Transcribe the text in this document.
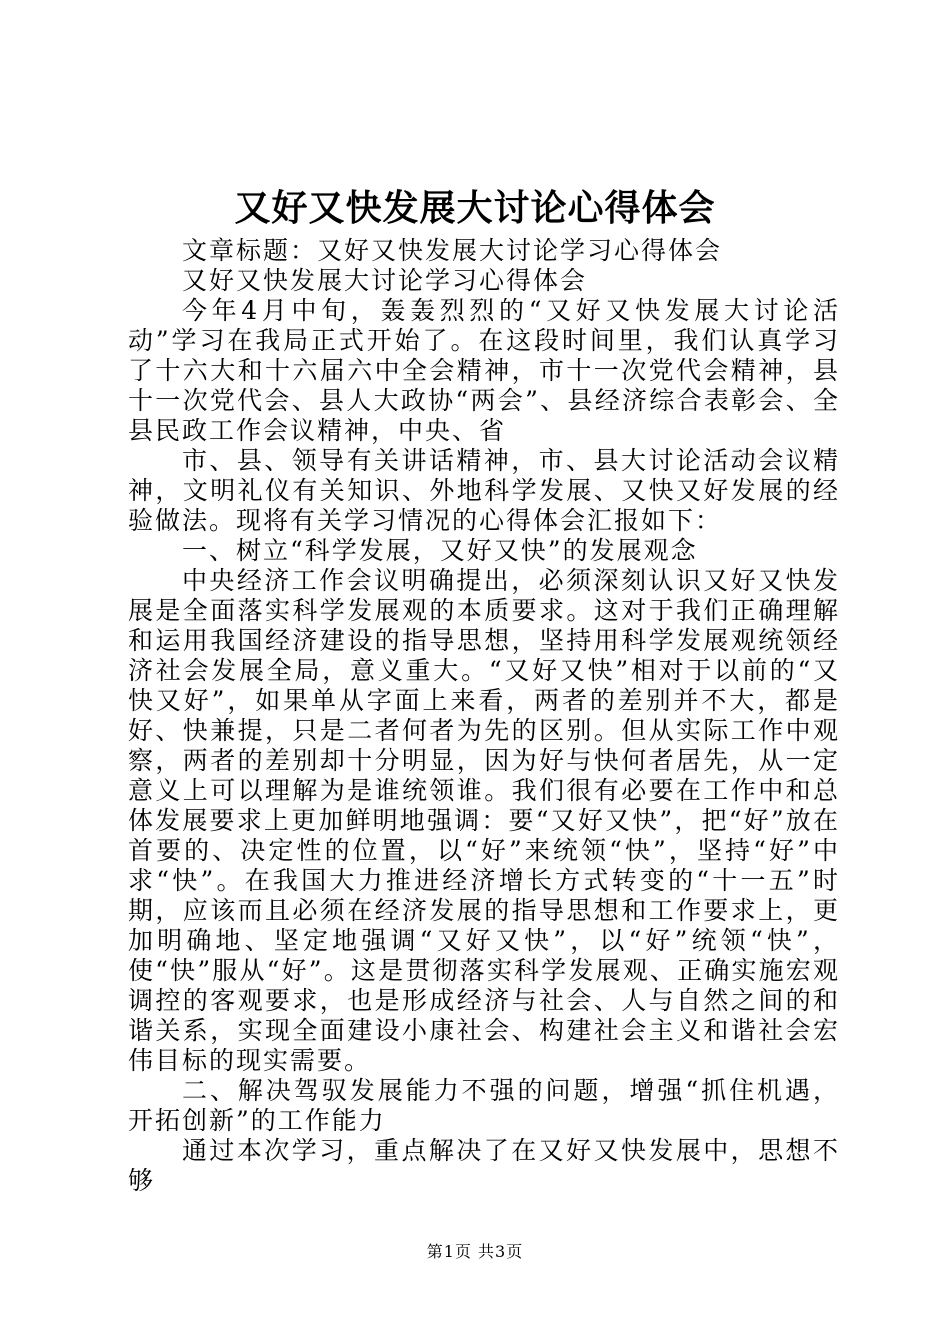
又好又快发展大讨论心得体会

文章标题：又好又快发展大讨论学习心得体会

又好又快发展大讨论学习心得体会

今年4月中旬，轰轰烈烈的“又好又快发展大讨论活动”学习在我局正式开始了。在这段时间里，我们认真学习了十六大和十六届六中全会精神，市十一次党代会精神，县十一次党代会、县人大政协“两会”、县经济综合表彰会、全县民政工作会议精神，中央、省

市、县、领导有关讲话精神，市、县大讨论活动会议精神，文明礼仪有关知识、外地科学发展、又快又好发展的经验做法。现将有关学习情况的心得体会汇报如下：

一、树立“科学发展，又好又快”的发展观念

中央经济工作会议明确提出，必须深刻认识又好又快发展是全面落实科学发展观的本质要求。这对于我们正确理解和运用我国经济建设的指导思想，坚持用科学发展观统领经济社会发展全局，意义重大。“又好又快”相对于以前的“又快又好”，如果单从字面上来看，两者的差别并不大，都是好、快兼提，只是二者何者为先的区别。但从实际工作中观察，两者的差别却十分明显，因为好与快何者居先，从一定意义上可以理解为是谁统领谁。我们很有必要在工作中和总体发展要求上更加鲜明地强调：要“又好又快”，把“好”放在首要的、决定性的位置，以“好”来统领“快”，坚持“好”中求“快”。在我国大力推进经济增长方式转变的“十一五”时期，应该而且必须在经济发展的指导思想和工作要求上，更加明确地、坚定地强调“又好又快”，以“好”统领“快”，使“快”服从“好”。这是贯彻落实科学发展观、正确实施宏观调控的客观要求，也是形成经济与社会、人与自然之间的和谐关系，实现全面建设小康社会、构建社会主义和谐社会宏伟目标的现实需要。

二、解决驾驭发展能力不强的问题，增强“抓住机遇，开拓创新”的工作能力

通过本次学习，重点解决了在又好又快发展中，思想不够

第1页 共3页
